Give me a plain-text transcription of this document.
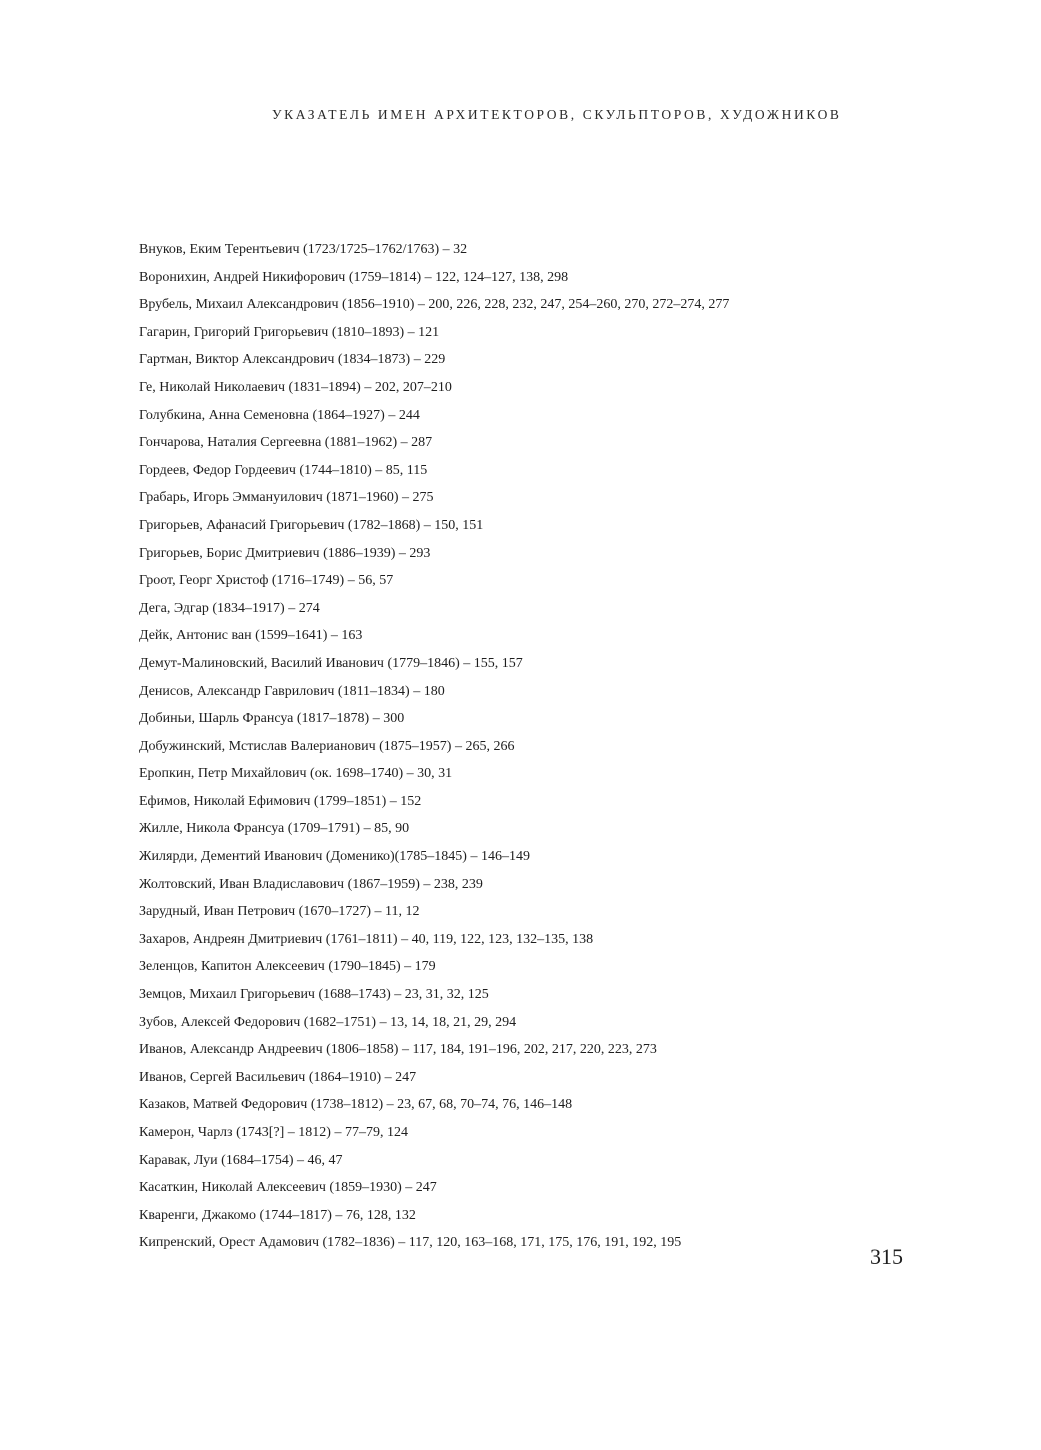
УКАЗАТЕЛЬ ИМЕН АРХИТЕКТОРОВ, СКУЛЬПТОРОВ, ХУДОЖНИКОВ
Внуков, Еким Терентьевич (1723/1725–1762/1763) – 32
Воронихин, Андрей Никифорович (1759–1814) – 122, 124–127, 138, 298
Врубель, Михаил Александрович (1856–1910) – 200, 226, 228, 232, 247, 254–260, 270, 272–274, 277
Гагарин, Григорий Григорьевич (1810–1893) – 121
Гартман, Виктор Александрович (1834–1873) – 229
Ге, Николай Николаевич (1831–1894) – 202, 207–210
Голубкина, Анна Семеновна (1864–1927) – 244
Гончарова, Наталия Сергеевна (1881–1962) – 287
Гордеев, Федор Гордеевич (1744–1810) – 85, 115
Грабарь, Игорь Эммануилович (1871–1960) – 275
Григорьев, Афанасий Григорьевич (1782–1868) – 150, 151
Григорьев, Борис Дмитриевич (1886–1939) – 293
Гроот, Георг Христоф (1716–1749) – 56, 57
Дега, Эдгар (1834–1917) – 274
Дейк, Антонис ван (1599–1641) – 163
Демут-Малиновский, Василий Иванович (1779–1846) – 155, 157
Денисов, Александр Гаврилович (1811–1834) – 180
Добиньи, Шарль Франсуа (1817–1878) – 300
Добужинский, Мстислав Валерианович (1875–1957) – 265, 266
Еропкин, Петр Михайлович (ок. 1698–1740) – 30, 31
Ефимов, Николай Ефимович (1799–1851) – 152
Жилле, Никола Франсуа (1709–1791) – 85, 90
Жилярди, Дементий Иванович (Доменико)(1785–1845) – 146–149
Жолтовский, Иван Владиславович (1867–1959) – 238, 239
Зарудный, Иван Петрович (1670–1727) – 11, 12
Захаров, Андреян Дмитриевич (1761–1811) – 40, 119, 122, 123, 132–135, 138
Зеленцов, Капитон Алексеевич (1790–1845) – 179
Земцов, Михаил Григорьевич (1688–1743) – 23, 31, 32, 125
Зубов, Алексей Федорович (1682–1751) – 13, 14, 18, 21, 29, 294
Иванов, Александр Андреевич (1806–1858) – 117, 184, 191–196, 202, 217, 220, 223, 273
Иванов, Сергей Васильевич (1864–1910) – 247
Казаков, Матвей Федорович (1738–1812) – 23, 67, 68, 70–74, 76, 146–148
Камерон, Чарлз (1743[?] – 1812) – 77–79, 124
Каравак, Луи (1684–1754) – 46, 47
Касаткин, Николай Алексеевич (1859–1930) – 247
Кваренги, Джакомо (1744–1817) – 76, 128, 132
Кипренский, Орест Адамович (1782–1836) – 117, 120, 163–168, 171, 175, 176, 191, 192, 195
315
